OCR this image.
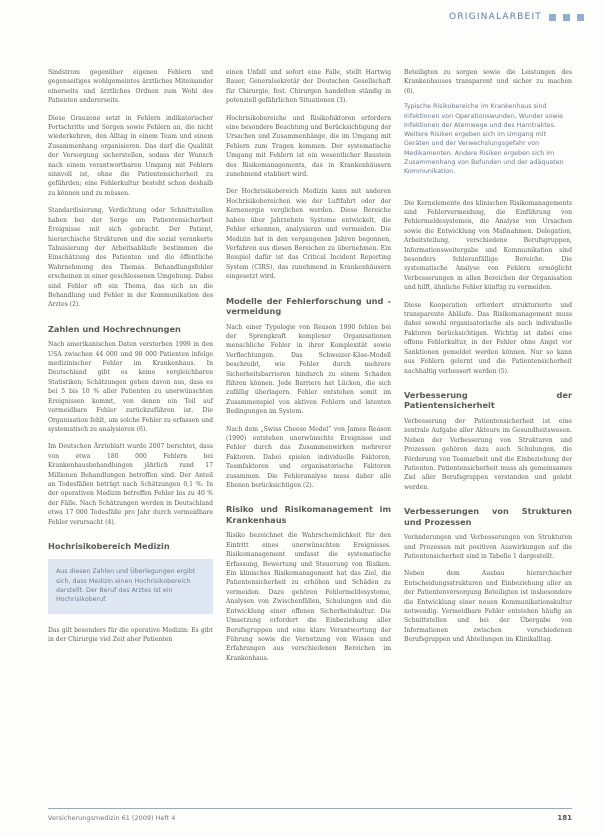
ORIGINALARBEIT

Sindstrom gegenüber eigenen Fehlern und gegenseitiges wohlgemeintes ärztliches Miteinander einerseits und ärztliches Ordnen zum Wohl des Patienten andererseits.

Diese Grauzone setzt in Fehlern indikatorischer Fortschritte und Sorgen sowie Fehlern an, die nicht wiederkehren, den Alltag in einem Team und einem Zusammenhang organisieren. Das darf die Qualität der Versorgung sicherstellen, sodass der Wunsch nach einem verantwortbaren Umgang mit Fehlern sinnvoll ist, ohne die Patientensicherheit zu gefährden; eine Fehlerkultur besteht schon deshalb zu können und zu müssen.

Standardisierung, Verdichtung oder Schnittstellen haben bei der Sorge um Patientensicherheit Ereignisse mit sich gebracht. Der Patient, hierarchische Strukturen und die sozial verankerte Tabuisierung der Arbeitsabläufe bestimmen die Einschätzung des Patienten und die öffentliche Wahrnehmung des Themas. Behandlungsfehler erscheinen in einer geschlossenen Umgebung. Dabei sind Fehler oft ein Thema, das sich an die Behandlung und Fehler in der Kommunikation des Arztes (2).

Zahlen und Hochrechnungen

Nach amerikanischen Daten versterben 1999 in den USA zwischen 44 000 und 98 000 Patienten infolge medizinischer Fehler im Krankenhaus. In Deutschland gibt es keine vergleichbaren Statistiken; Schätzungen gehen davon aus, dass es bei 5 bis 10 % aller Patienten zu unerwünschten Ereignissen kommt, von denen ein Teil auf vermeidbare Fehler zurückzuführen ist. Die Organisation fehlt, um solche Fehler zu erfassen und systematisch zu analysieren (6).

Im Deutschen Ärzteblatt wurde 2007 berichtet, dass von etwa 180 000 Fehlern bei Krankenhausbehandlungen jährlich rund 17 Millionen Behandlungen betroffen sind. Der Anteil an Todesfällen beträgt nach Schätzungen 0,1 %. In der operativen Medizin betreffen Fehler bis zu 40 % der Fälle. Nach Schätzungen werden in Deutschland etwa 17 000 Todesfälle pro Jahr durch vermeidbare Fehler verursacht (4).

Hochrisikobereich Medizin
Aus diesen Zahlen und Überlegungen ergibt sich, dass Medizin einen Hochrisikobereich darstellt. Der Beruf des Arztes ist ein Hochrisikoberuf.

Das gilt besonders für die operative Medizin: Es gibt in der Chirurgie viel Zeit aber Patienten

einen Unfall und sofort eine Falle, stellt Hartwig Bauer, Generalsekretär der Deutschen Gesellschaft für Chirurgie, fest. Chirurgen handelten ständig in potenziell gefährlichen Situationen (3).

Hochrisikobereiche und Risikofaktoren erfordern eine besondere Beachtung und Berücksichtigung der Ursachen und Zusammenhänge, die im Umgang mit Fehlern zum Tragen kommen. Der systematische Umgang mit Fehlern ist ein wesentlicher Baustein des Risikomanagements, das in Krankenhäusern zunehmend etabliert wird.

Der Hochrisikobereich Medizin kann mit anderen Hochrisikobereichen wie der Luftfahrt oder der Kernenergie verglichen werden. Diese Bereiche haben über Jahrzehnte Systeme entwickelt, die Fehler erkennen, analysieren und vermeiden. Die Medizin hat in den vergangenen Jahren begonnen, Verfahren aus diesen Bereichen zu übernehmen. Ein Beispiel dafür ist das Critical Incident Reporting System (CIRS), das zunehmend in Krankenhäusern eingesetzt wird.

Modelle der Fehlerforschung und -vermeidung

Nach einer Typologie von Reason 1990 fehlen bei der Sprengkraft komplexer Organisationen menschliche Fehler in ihrer Komplexität sowie Verflechtungen. Das Schweizer-Käse-Modell beschreibt, wie Fehler durch mehrere Sicherheitsbarrieren hindurch zu einem Schaden führen können. Jede Barriere hat Lücken, die sich zufällig überlagern. Fehler entstehen somit im Zusammenspiel von aktiven Fehlern und latenten Bedingungen im System.

Nach dem „Swiss Cheese Model“ von James Reason (1990) entstehen unerwünschte Ereignisse und Fehler durch das Zusammenwirken mehrerer Faktoren. Dabei spielen individuelle Faktoren, Teamfaktoren und organisatorische Faktoren zusammen. Die Fehleranalyse muss daher alle Ebenen berücksichtigen (2).

Risiko und Risikomanagement im Krankenhaus

Risiko bezeichnet die Wahrscheinlichkeit für den Eintritt eines unerwünschten Ereignisses. Risikomanagement umfasst die systematische Erfassung, Bewertung und Steuerung von Risiken. Ein klinisches Risikomanagement hat das Ziel, die Patientensicherheit zu erhöhen und Schäden zu vermeiden. Dazu gehören Fehlermeldesysteme, Analysen von Zwischenfällen, Schulungen und die Entwicklung einer offenen Sicherheitskultur. Die Umsetzung erfordert die Einbeziehung aller Berufsgruppen und eine klare Verantwortung der Führung sowie die Vernetzung von Wissen und Erfahrungen aus verschiedenen Bereichen im Krankenhaus.

Beteiligten zu sorgen sowie die Leistungen des Krankenhauses transparent und sicher zu machen (6).

Typische Risikobereiche im Krankenhaus sind Infektionen von Operationswunden, Wunder sowie Infektionen der Atemwege und des Harntraktes. Weitere Risiken ergeben sich im Umgang mit Geräten und der Verwechslungsgefahr von Medikamenten. Andere Risiken ergeben sich im Zusammenhang von Befunden und der adäquaten Kommunikation.

Die Kernelemente des klinischen Risikomanagements sind Fehlervermeidung, die Einführung von Fehlermeldesystemen, die Analyse von Ursachen sowie die Entwicklung von Maßnahmen. Delegation, Arbeitsteilung, verschiedene Berufsgruppen, Informationsweitergabe und Kommunikation sind besonders fehleranfällige Bereiche. Die systematische Analyse von Fehlern ermöglicht Verbesserungen in allen Bereichen der Organisation und hilft, ähnliche Fehler künftig zu vermeiden.

Diese Kooperation erfordert strukturierte und transparente Abläufe. Das Risikomanagement muss dabei sowohl organisatorische als auch individuelle Faktoren berücksichtigen. Wichtig ist dabei eine offene Fehlerkultur, in der Fehler ohne Angst vor Sanktionen gemeldet werden können. Nur so kann aus Fehlern gelernt und die Patientensicherheit nachhaltig verbessert werden (5).

Verbesserung der Patientensicherheit

Verbesserung der Patientensicherheit ist eine zentrale Aufgabe aller Akteure im Gesundheitswesen. Neben der Verbesserung von Strukturen und Prozessen gehören dazu auch Schulungen, die Förderung von Teamarbeit und die Einbeziehung der Patienten. Patientensicherheit muss als gemeinsames Ziel aller Berufsgruppen verstanden und gelebt werden.

Verbesserungen von Strukturen und Prozessen

Veränderungen und Verbesserungen von Strukturen und Prozessen mit positiven Auswirkungen auf die Patientensicherheit sind in Tabelle 1 dargestellt.

Neben dem Ausbau hierarchischer Entscheidungsstrukturen und Einbeziehung aller an der Patientenversorgung Beteiligten ist insbesondere die Entwicklung einer neuen Kommunikationskultur notwendig. Vermeidbare Fehler entstehen häufig an Schnittstellen und bei der Übergabe von Informationen zwischen verschiedenen Berufsgruppen und Abteilungen im Klinikalltag.

Versicherungsmedizin 61 (2009) Heft 4	181
